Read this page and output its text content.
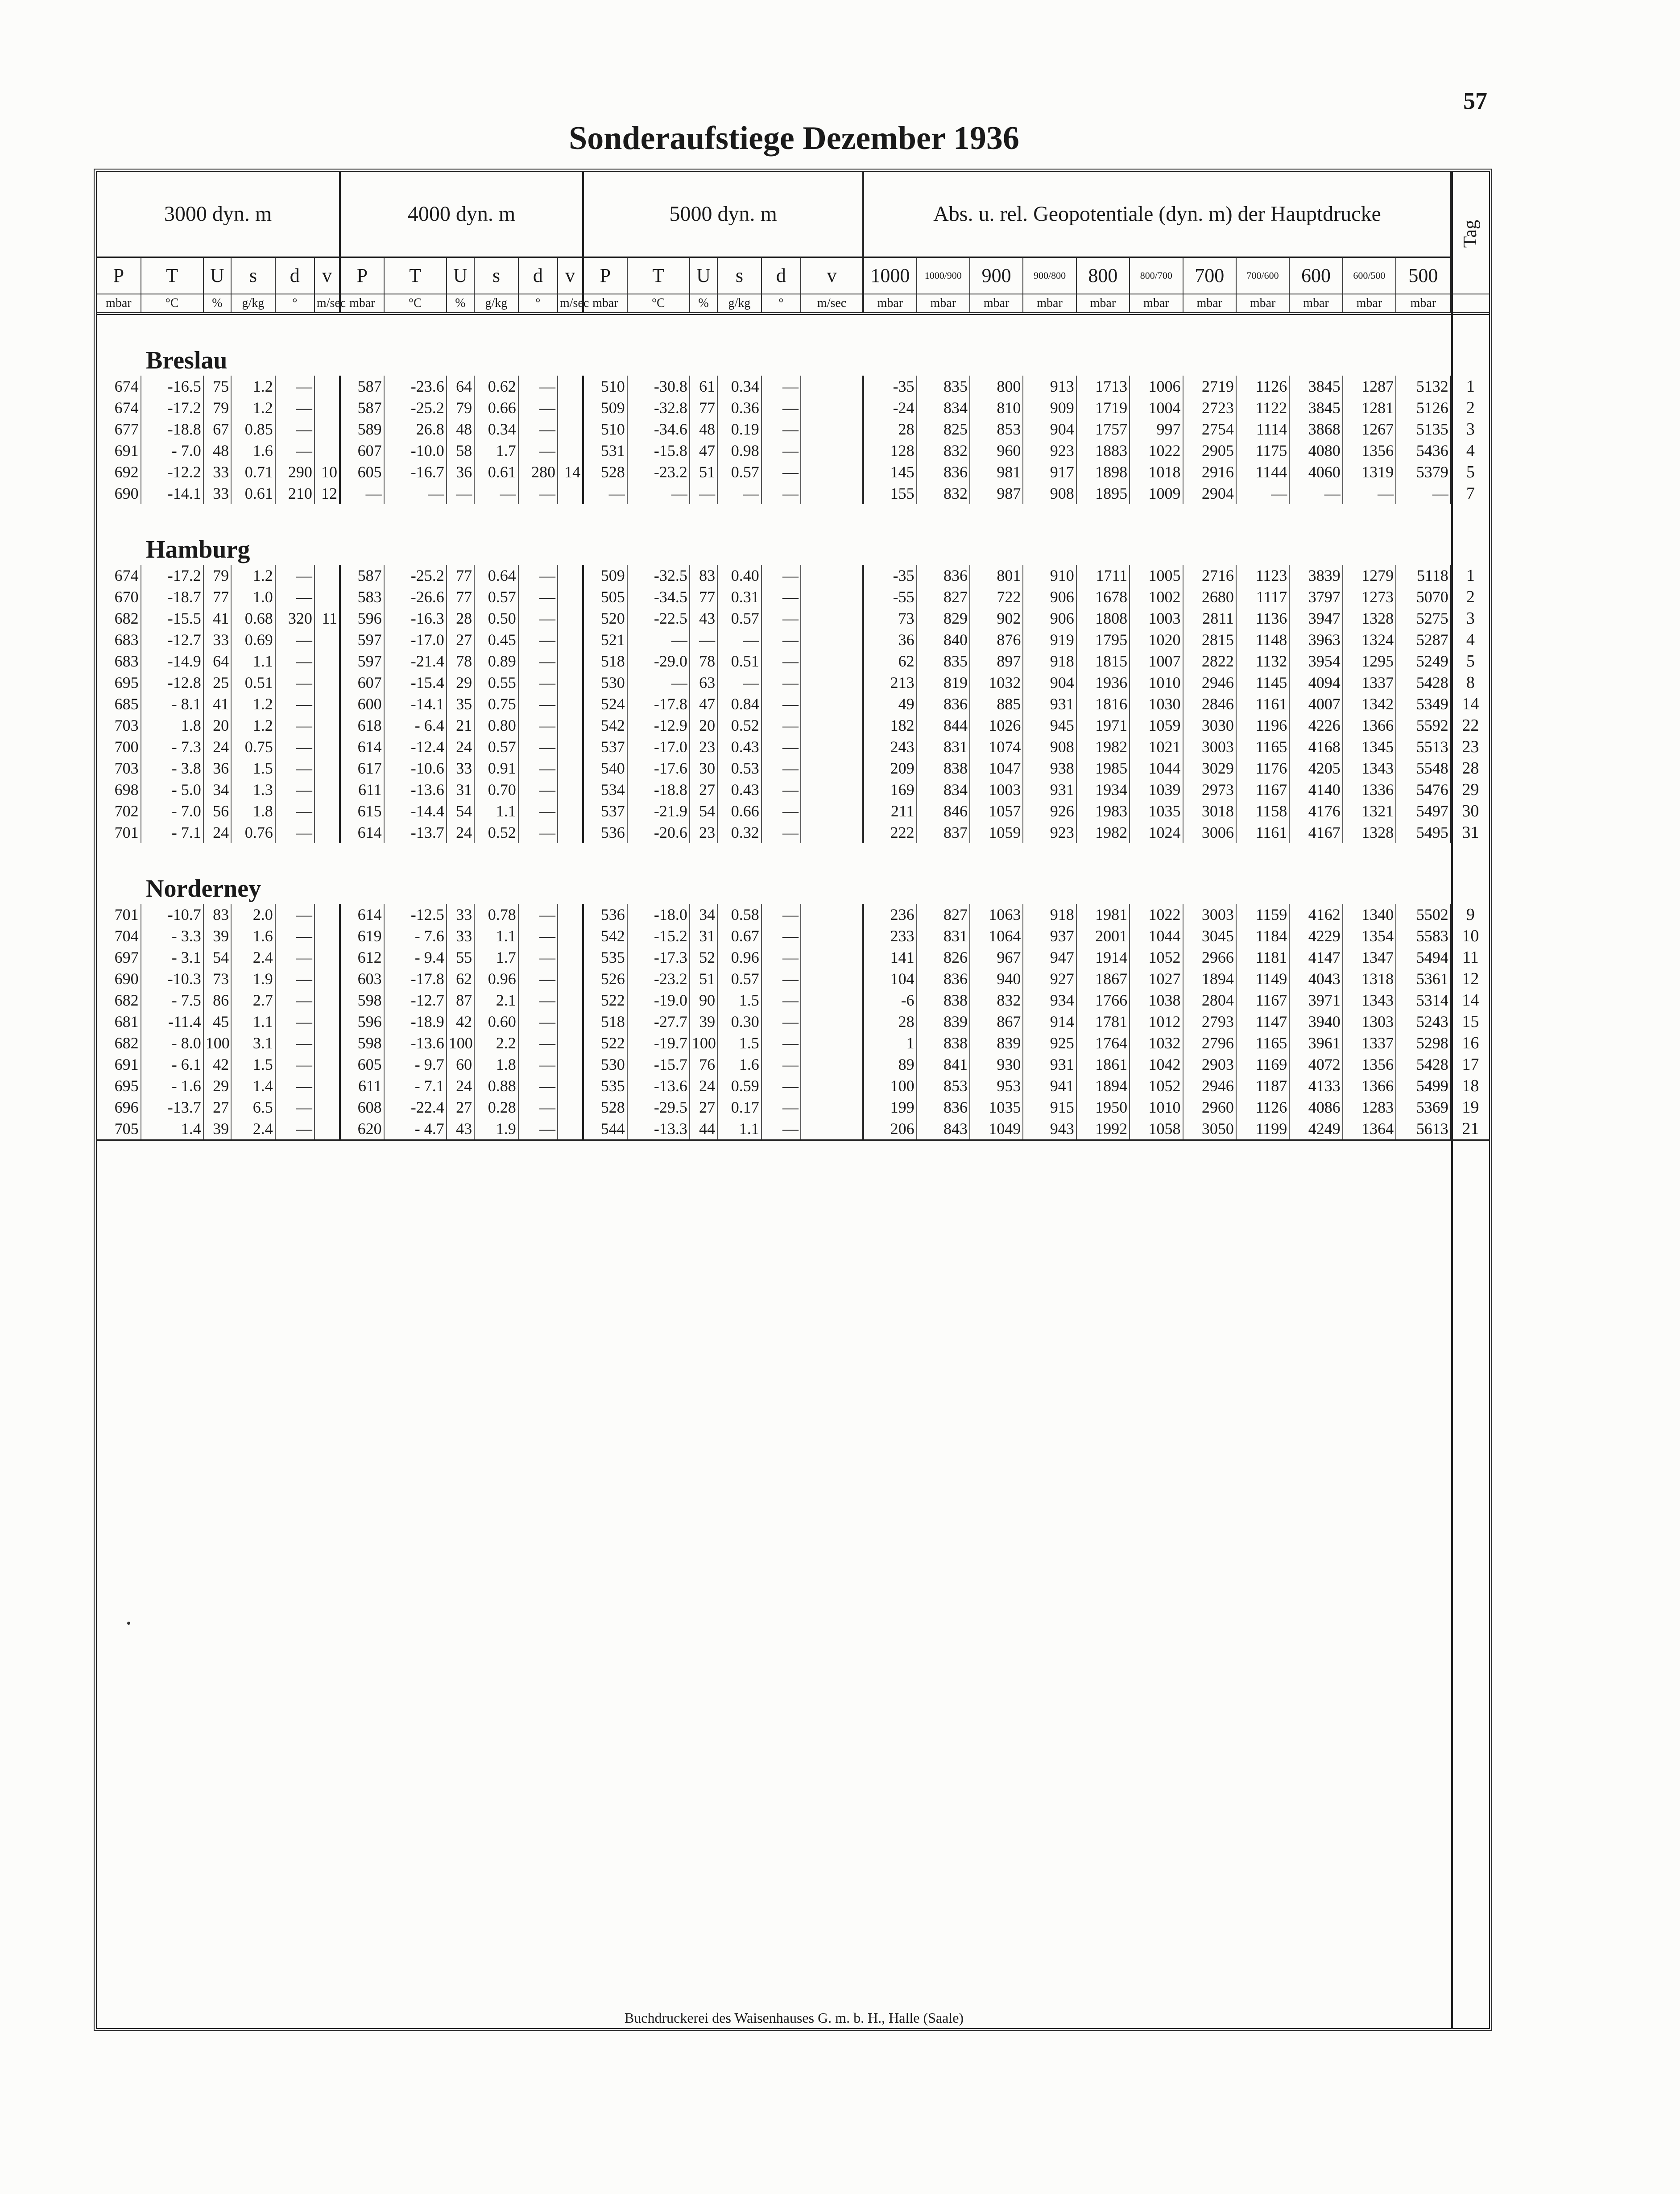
57
Sonderaufstiege Dezember 1936
3000 dyn. m						4000 dyn. m						5000 dyn. m						Abs. u. rel. Geopotentiale (dyn. m) der Hauptdrucke											Tag
P	T	U	s	d	v	P	T	U	s	d	v	P	T	U	s	d	v	1000	1000/900	900	900/800	800	800/700	700	700/600	600	600/500	500	
mbar	°C	%	g/kg	°	m/sec	mbar	°C	%	g/kg	°	m/sec	mbar	°C	%	g/kg	°	m/sec	mbar	mbar	mbar	mbar	mbar	mbar	mbar	mbar	mbar	mbar	mbar	

Breslau																													
674	-16.5	75	1.2	—		587	-23.6	64	0.62	—		510	-30.8	61	0.34	—		-35	835	800	913	1713	1006	2719	1126	3845	1287	5132	1
674	-17.2	79	1.2	—		587	-25.2	79	0.66	—		509	-32.8	77	0.36	—		-24	834	810	909	1719	1004	2723	1122	3845	1281	5126	2
677	-18.8	67	0.85	—		589	26.8	48	0.34	—		510	-34.6	48	0.19	—		28	825	853	904	1757	997	2754	1114	3868	1267	5135	3
691	- 7.0	48	1.6	—		607	-10.0	58	1.7	—		531	-15.8	47	0.98	—		128	832	960	923	1883	1022	2905	1175	4080	1356	5436	4
692	-12.2	33	0.71	290	10	605	-16.7	36	0.61	280	14	528	-23.2	51	0.57	—		145	836	981	917	1898	1018	2916	1144	4060	1319	5379	5
690	-14.1	33	0.61	210	12	—	—	—	—	—		—	—	—	—	—		155	832	987	908	1895	1009	2904	—	—	—	—	7

Hamburg																													
674	-17.2	79	1.2	—		587	-25.2	77	0.64	—		509	-32.5	83	0.40	—		-35	836	801	910	1711	1005	2716	1123	3839	1279	5118	1
670	-18.7	77	1.0	—		583	-26.6	77	0.57	—		505	-34.5	77	0.31	—		-55	827	722	906	1678	1002	2680	1117	3797	1273	5070	2
682	-15.5	41	0.68	320	11	596	-16.3	28	0.50	—		520	-22.5	43	0.57	—		73	829	902	906	1808	1003	2811	1136	3947	1328	5275	3
683	-12.7	33	0.69	—		597	-17.0	27	0.45	—		521	—	—	—	—		36	840	876	919	1795	1020	2815	1148	3963	1324	5287	4
683	-14.9	64	1.1	—		597	-21.4	78	0.89	—		518	-29.0	78	0.51	—		62	835	897	918	1815	1007	2822	1132	3954	1295	5249	5
695	-12.8	25	0.51	—		607	-15.4	29	0.55	—		530	—	63	—	—		213	819	1032	904	1936	1010	2946	1145	4094	1337	5428	8
685	- 8.1	41	1.2	—		600	-14.1	35	0.75	—		524	-17.8	47	0.84	—		49	836	885	931	1816	1030	2846	1161	4007	1342	5349	14
703	1.8	20	1.2	—		618	- 6.4	21	0.80	—		542	-12.9	20	0.52	—		182	844	1026	945	1971	1059	3030	1196	4226	1366	5592	22
700	- 7.3	24	0.75	—		614	-12.4	24	0.57	—		537	-17.0	23	0.43	—		243	831	1074	908	1982	1021	3003	1165	4168	1345	5513	23
703	- 3.8	36	1.5	—		617	-10.6	33	0.91	—		540	-17.6	30	0.53	—		209	838	1047	938	1985	1044	3029	1176	4205	1343	5548	28
698	- 5.0	34	1.3	—		611	-13.6	31	0.70	—		534	-18.8	27	0.43	—		169	834	1003	931	1934	1039	2973	1167	4140	1336	5476	29
702	- 7.0	56	1.8	—		615	-14.4	54	1.1	—		537	-21.9	54	0.66	—		211	846	1057	926	1983	1035	3018	1158	4176	1321	5497	30
701	- 7.1	24	0.76	—		614	-13.7	24	0.52	—		536	-20.6	23	0.32	—		222	837	1059	923	1982	1024	3006	1161	4167	1328	5495	31

Norderney																													
701	-10.7	83	2.0	—		614	-12.5	33	0.78	—		536	-18.0	34	0.58	—		236	827	1063	918	1981	1022	3003	1159	4162	1340	5502	9
704	- 3.3	39	1.6	—		619	- 7.6	33	1.1	—		542	-15.2	31	0.67	—		233	831	1064	937	2001	1044	3045	1184	4229	1354	5583	10
697	- 3.1	54	2.4	—		612	- 9.4	55	1.7	—		535	-17.3	52	0.96	—		141	826	967	947	1914	1052	2966	1181	4147	1347	5494	11
690	-10.3	73	1.9	—		603	-17.8	62	0.96	—		526	-23.2	51	0.57	—		104	836	940	927	1867	1027	1894	1149	4043	1318	5361	12
682	- 7.5	86	2.7	—		598	-12.7	87	2.1	—		522	-19.0	90	1.5	—		-6	838	832	934	1766	1038	2804	1167	3971	1343	5314	14
681	-11.4	45	1.1	—		596	-18.9	42	0.60	—		518	-27.7	39	0.30	—		28	839	867	914	1781	1012	2793	1147	3940	1303	5243	15
682	- 8.0	100	3.1	—		598	-13.6	100	2.2	—		522	-19.7	100	1.5	—		1	838	839	925	1764	1032	2796	1165	3961	1337	5298	16
691	- 6.1	42	1.5	—		605	- 9.7	60	1.8	—		530	-15.7	76	1.6	—		89	841	930	931	1861	1042	2903	1169	4072	1356	5428	17
695	- 1.6	29	1.4	—		611	- 7.1	24	0.88	—		535	-13.6	24	0.59	—		100	853	953	941	1894	1052	2946	1187	4133	1366	5499	18
696	-13.7	27	6.5	—		608	-22.4	27	0.28	—		528	-29.5	27	0.17	—		199	836	1035	915	1950	1010	2960	1126	4086	1283	5369	19
705	1.4	39	2.4	—		620	- 4.7	43	1.9	—		544	-13.3	44	1.1	—		206	843	1049	943	1992	1058	3050	1199	4249	1364	5613	21
Buchdruckerei des Waisenhauses G. m. b. H., Halle (Saale)
